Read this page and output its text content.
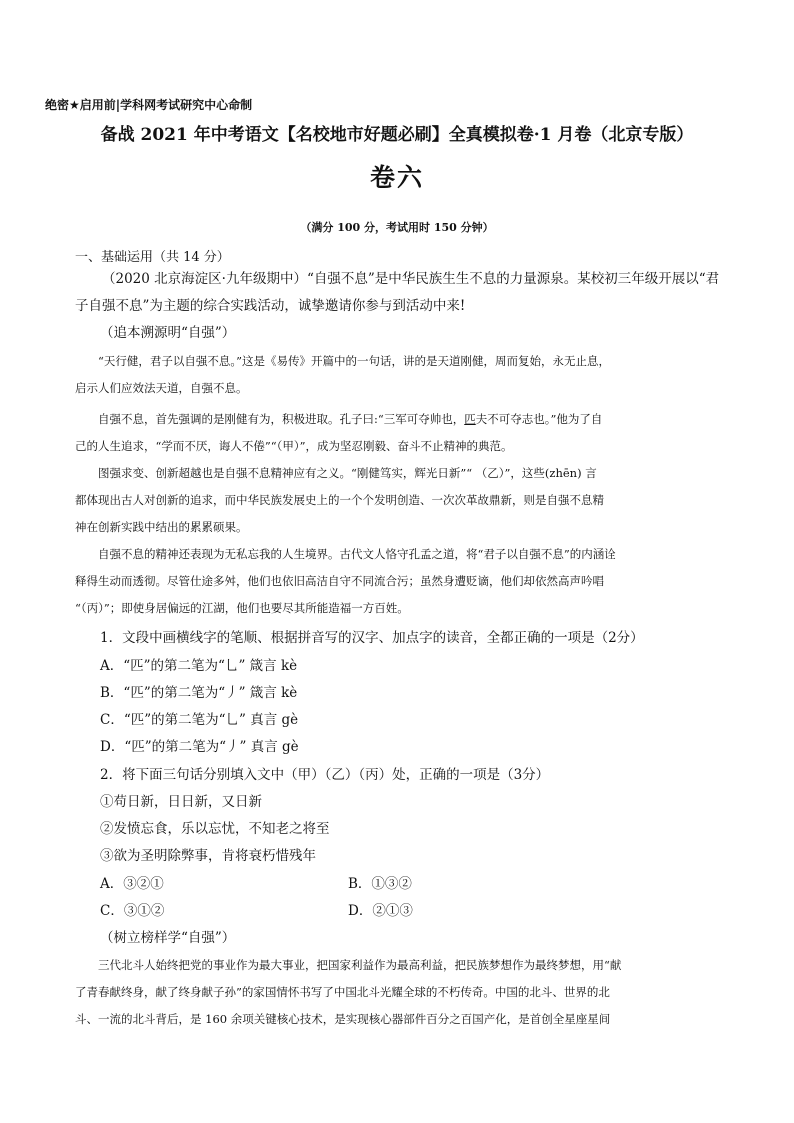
绝密★启用前|学科网考试研究中心命制
备战 2021 年中考语文【名校地市好题必刷】全真模拟卷·1 月卷（北京专版）
卷六
（满分 100 分，考试用时 150 分钟）
一、基础运用（共 14 分）
（2020 北京海淀区·九年级期中）“自强不息”是中华民族生生不息的力量源泉。某校初三年级开展以“君
子自强不息”为主题的综合实践活动，诚挚邀请你参与到活动中来!
（追本溯源明“自强”）
“天行健，君子以自强不息。”这是《易传》开篇中的一句话，讲的是天道刚健，周而复始，永无止息，
启示人们应效法天道，自强不息。
自强不息，首先强调的是刚健有为，积极进取。孔子曰:“三军可夺帅也，匹夫不可夺志也。”他为了自
己的人生追求，“学而不厌，诲人不倦”“（甲）”，成为坚忍刚毅、奋斗不止精神的典范。
图强求变、创新超越也是自强不息精神应有之义。“刚健笃实，辉光日新”“ （乙）”，这些(zhēn) 言
都体现出古人对创新的追求，而中华民族发展史上的一个个发明创造、一次次革故鼎新，则是自强不息精
神在创新实践中结出的累累硕果。
自强不息的精神还表现为无私忘我的人生境界。古代文人恪守孔孟之道，将“君子以自强不息”的内涵诠
释得生动而透彻。尽管仕途多舛，他们也依旧高洁自守不同流合污；虽然身遭贬谪，他们却依然高声吟唱
“（丙）”；即使身居偏远的江湖，他们也要尽其所能造福一方百姓。
1．文段中画横线字的笔顺、根据拼音写的汉字、加点字的读音，全都正确的一项是（2分）
A．“匹”的第二笔为“乚” 箴言 kè
B．“匹”的第二笔为“丿” 箴言 kè
C．“匹”的第二笔为“乚” 真言 gè
D．“匹”的第二笔为“丿” 真言 gè
2．将下面三句话分别填入文中（甲）（乙）（丙）处，正确的一项是（3分）
①苟日新，日日新，又日新
②发愤忘食，乐以忘忧，不知老之将至
③欲为圣明除弊事，肯将衰朽惜残年
A．③②①	B．①③②
C．③①②	D．②①③
（树立榜样学“自强”）
三代北斗人始终把党的事业作为最大事业，把国家利益作为最高利益，把民族梦想作为最终梦想，用“献
了青春献终身，献了终身献子孙”的家国情怀书写了中国北斗光耀全球的不朽传奇。中国的北斗、世界的北
斗、一流的北斗背后，是 160 余项关键核心技术，是实现核心器部件百分之百国产化，是首创全星座星间
